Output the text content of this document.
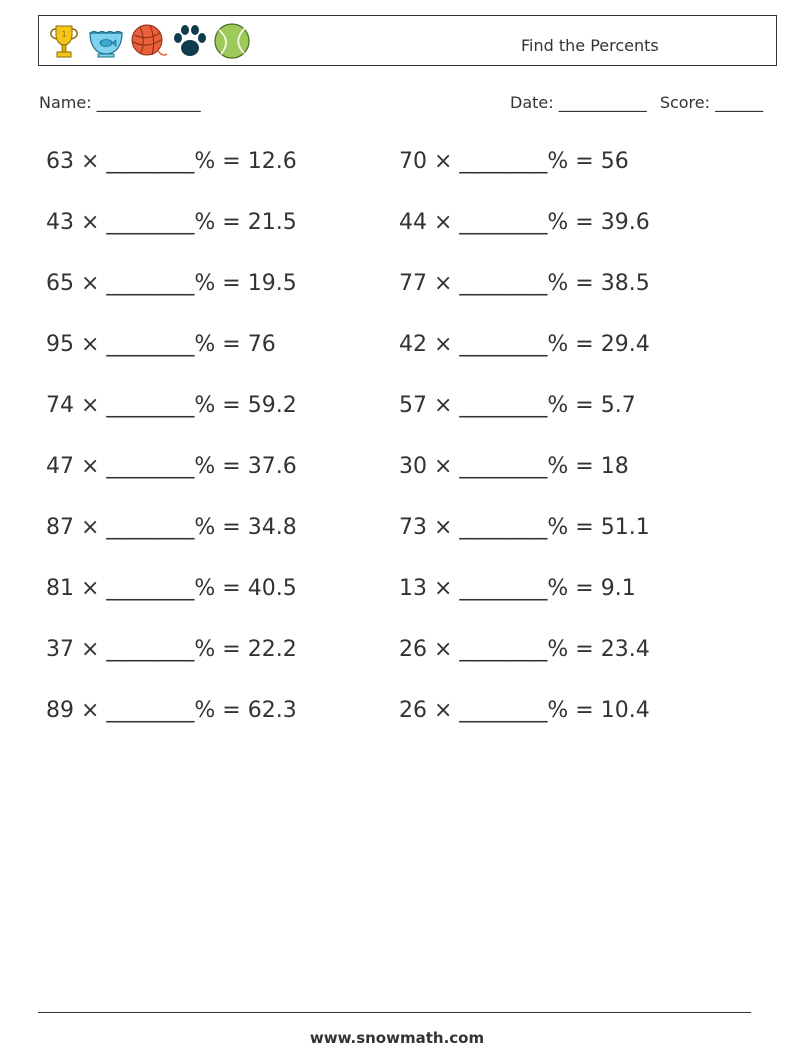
1
Find the Percents
Name: _____________	Date: ___________ Score: ______
63 × ________% = 12.6
43 × ________% = 21.5
65 × ________% = 19.5
95 × ________% = 76
74 × ________% = 59.2
47 × ________% = 37.6
87 × ________% = 34.8
81 × ________% = 40.5
37 × ________% = 22.2
89 × ________% = 62.3
70 × ________% = 56
44 × ________% = 39.6
77 × ________% = 38.5
42 × ________% = 29.4
57 × ________% = 5.7
30 × ________% = 18
73 × ________% = 51.1
13 × ________% = 9.1
26 × ________% = 23.4
26 × ________% = 10.4
www.snowmath.com
